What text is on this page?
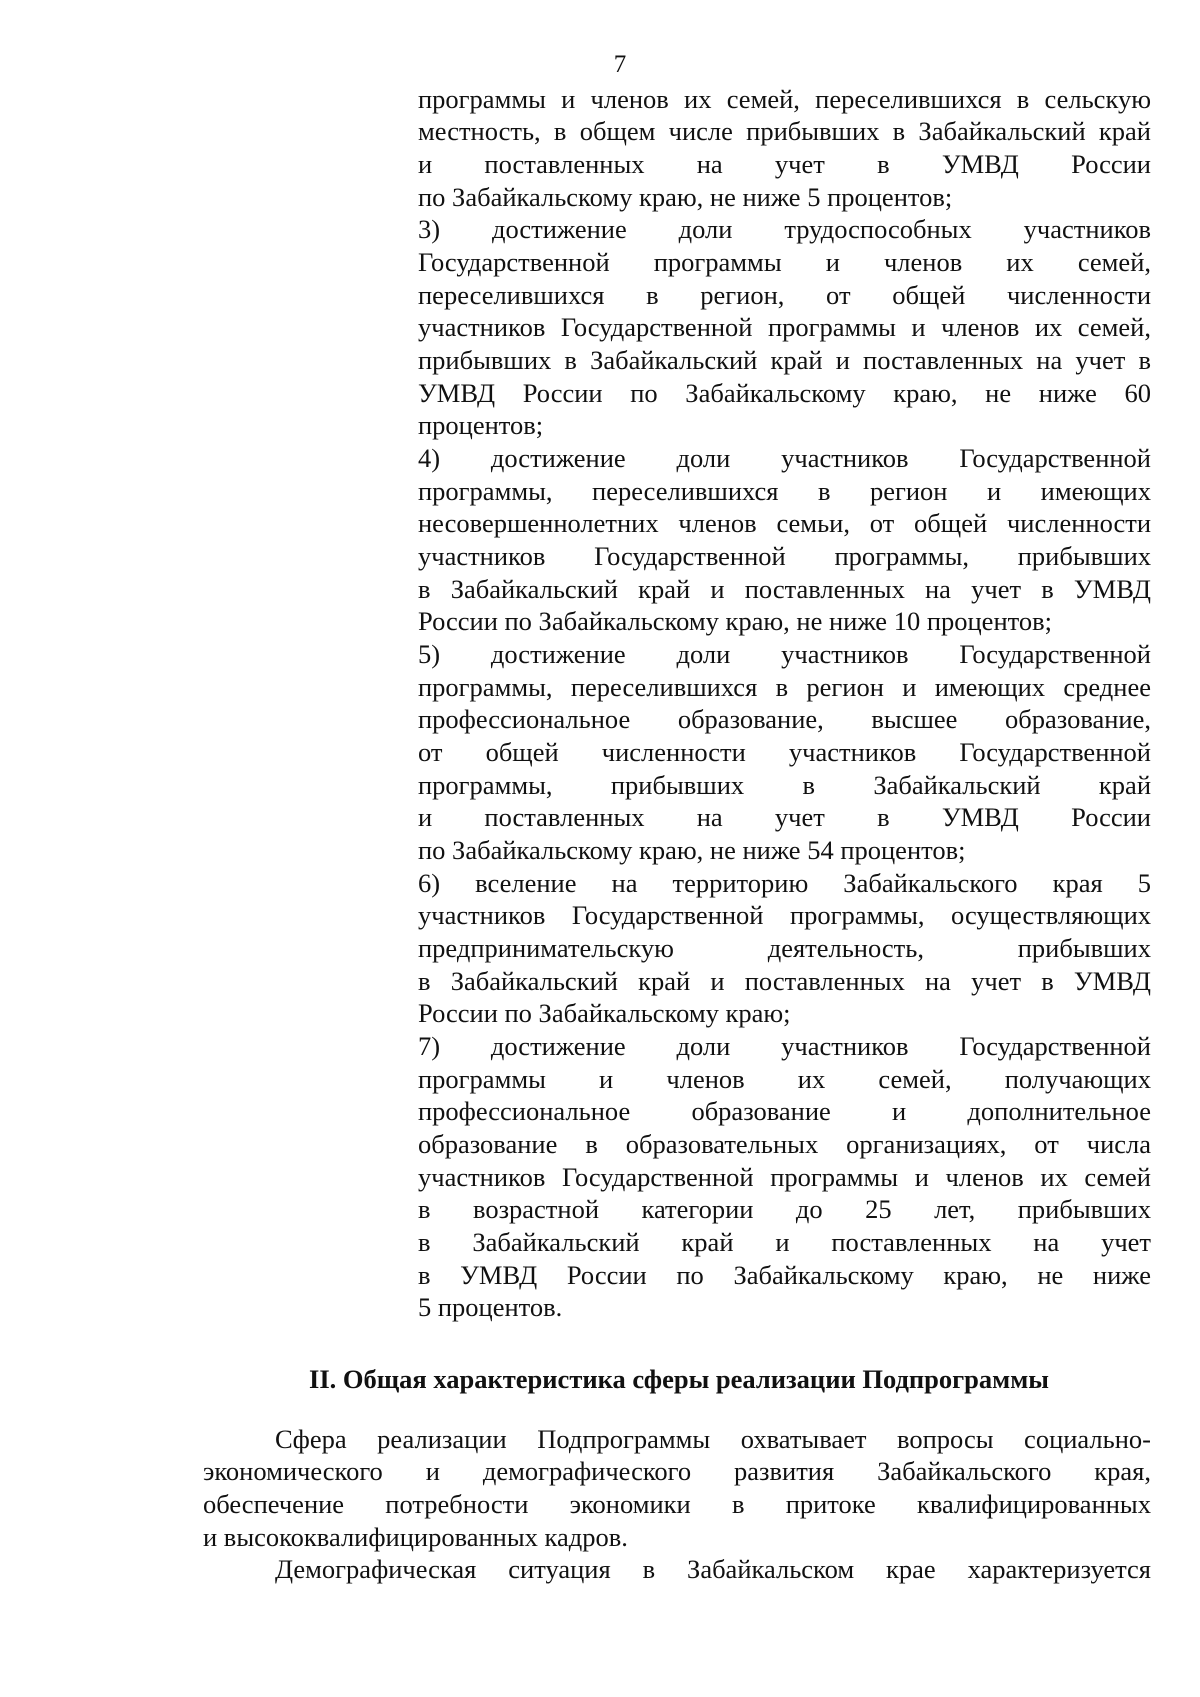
7
программы и членов их семей, переселившихся в сельскую
местность, в общем числе прибывших в Забайкальский край
и поставленных на учет в УМВД России
по Забайкальскому краю, не ниже 5 процентов;
3) достижение доли трудоспособных участников
Государственной программы и членов их семей,
переселившихся в регион, от общей численности
участников Государственной программы и членов их семей,
прибывших в Забайкальский край и поставленных на учет в
УМВД России по Забайкальскому краю, не ниже 60
процентов;
4) достижение доли участников Государственной
программы, переселившихся в регион и имеющих
несовершеннолетних членов семьи, от общей численности
участников Государственной программы, прибывших
в Забайкальский край и поставленных на учет в УМВД
России по Забайкальскому краю, не ниже 10 процентов;
5) достижение доли участников Государственной
программы, переселившихся в регион и имеющих среднее
профессиональное образование, высшее образование,
от общей численности участников Государственной
программы, прибывших в Забайкальский край
и поставленных на учет в УМВД России
по Забайкальскому краю, не ниже 54 процентов;
6) вселение на территорию Забайкальского края 5
участников Государственной программы, осуществляющих
предпринимательскую деятельность, прибывших
в Забайкальский край и поставленных на учет в УМВД
России по Забайкальскому краю;
7) достижение доли участников Государственной
программы и членов их семей, получающих
профессиональное образование и дополнительное
образование в образовательных организациях, от числа
участников Государственной программы и членов их семей
в возрастной категории до 25 лет, прибывших
в Забайкальский край и поставленных на учет
в УМВД России по Забайкальскому краю, не ниже
5 процентов.
II. Общая характеристика сферы реализации Подпрограммы
Сфера реализации Подпрограммы охватывает вопросы социально-
экономического и демографического развития Забайкальского края,
обеспечение потребности экономики в притоке квалифицированных
и высококвалифицированных кадров.
Демографическая ситуация в Забайкальском крае характеризуется
